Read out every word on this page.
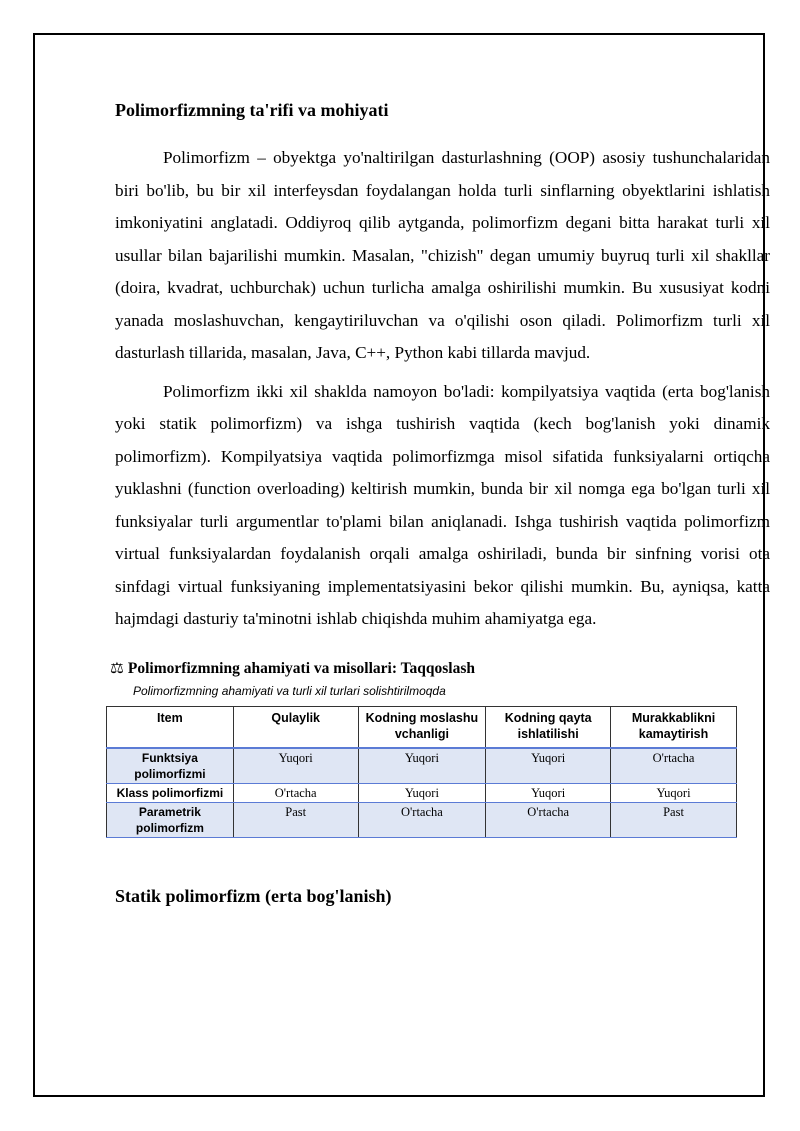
Polimorfizmning ta'rifi va mohiyati

Polimorfizm – obyektga yo'naltirilgan dasturlashning (OOP) asosiy tushunchalaridan biri bo'lib, bu bir xil interfeysdan foydalangan holda turli sinflarning obyektlarini ishlatish imkoniyatini anglatadi. Oddiyroq qilib aytganda, polimorfizm degani bitta harakat turli xil usullar bilan bajarilishi mumkin. Masalan, "chizish" degan umumiy buyruq turli xil shakllar (doira, kvadrat, uchburchak) uchun turlicha amalga oshirilishi mumkin. Bu xususiyat kodni yanada moslashuvchan, kengaytiriluvchan va o'qilishi oson qiladi. Polimorfizm turli xil dasturlash tillarida, masalan, Java, C++, Python kabi tillarda mavjud.

Polimorfizm ikki xil shaklda namoyon bo'ladi: kompilyatsiya vaqtida (erta bog'lanish yoki statik polimorfizm) va ishga tushirish vaqtida (kech bog'lanish yoki dinamik polimorfizm). Kompilyatsiya vaqtida polimorfizmga misol sifatida funksiyalarni ortiqcha yuklashni (function overloading) keltirish mumkin, bunda bir xil nomga ega bo'lgan turli xil funksiyalar turli argumentlar to'plami bilan aniqlanadi. Ishga tushirish vaqtida polimorfizm virtual funksiyalardan foydalanish orqali amalga oshiriladi, bunda bir sinfning vorisi ota sinfdagi virtual funksiyaning implementatsiyasini bekor qilishi mumkin. Bu, ayniqsa, katta hajmdagi dasturiy ta'minotni ishlab chiqishda muhim ahamiyatga ega.

⚖ Polimorfizmning ahamiyati va misollari: Taqqoslash
Polimorfizmning ahamiyati va turli xil turlari solishtirilmoqda
Item	Qulaylik	Kodning moslashuvchanligi	Kodning qayta ishlatilishi	Murakkablikni kamaytirish
Funktsiya polimorfizmi	Yuqori	Yuqori	Yuqori	O'rtacha
Klass polimorfizmi	O'rtacha	Yuqori	Yuqori	Yuqori
Parametrik polimorfizm	Past	O'rtacha	O'rtacha	Past
Statik polimorfizm (erta bog'lanish)
